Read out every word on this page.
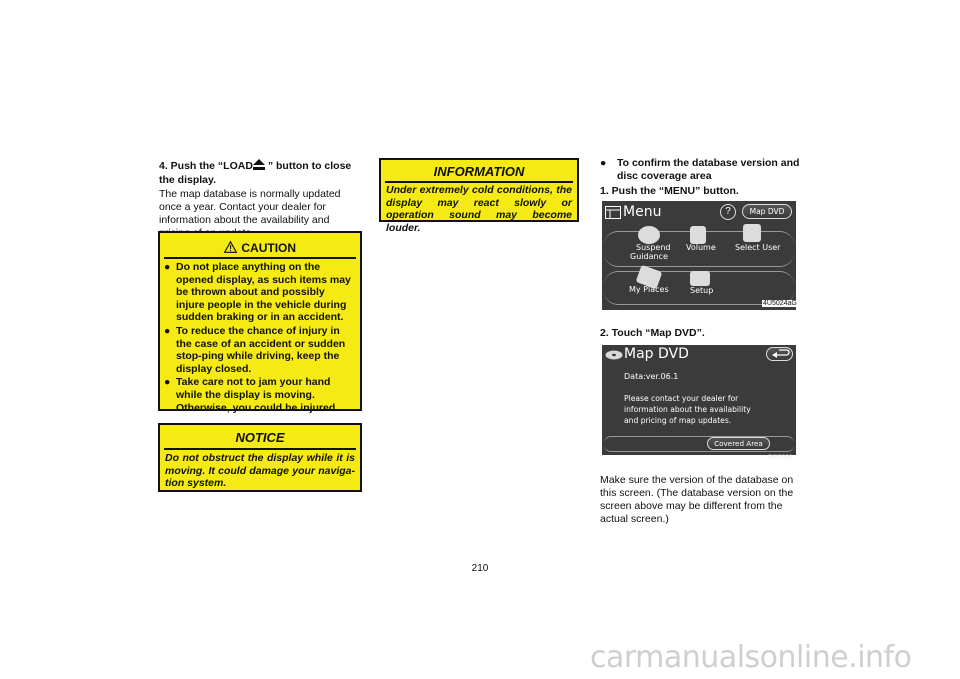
4. Push the “LOAD ” button to close the display.
The map database is normally updated once a year. Contact your dealer for information about the availability and
CAUTION
● Do not place anything on the opened display, as such items may be thrown about and possibly injure people in the vehicle during sudden braking or in an accident.
● To reduce the chance of injury in the case of an accident or sudden stop-ping while driving, keep the display closed.
● Take care not to jam your hand while the display is moving. Otherwise, you could be injured.
NOTICE
Do not obstruct the display while it is moving. It could damage your naviga-tion system.
INFORMATION
Under extremely cold conditions, the display may react slowly or operation sound may become louder.
●	To confirm the database version and disc coverage area
1. Push the “MENU” button.
Menu	?	Map DVD
Suspend
Guidance
Volume Select User
My Places	Setup
4U5024aG
2. Touch “Map DVD”.
Map DVD
Data:ver.06.1
Please contact your dealer for
information about the availability
and pricing of map updates.
Covered Area
R8I2001
Make sure the version of the database on this screen. (The database version on the screen above may be different from the actual screen.)
210
carmanualsonline.info
